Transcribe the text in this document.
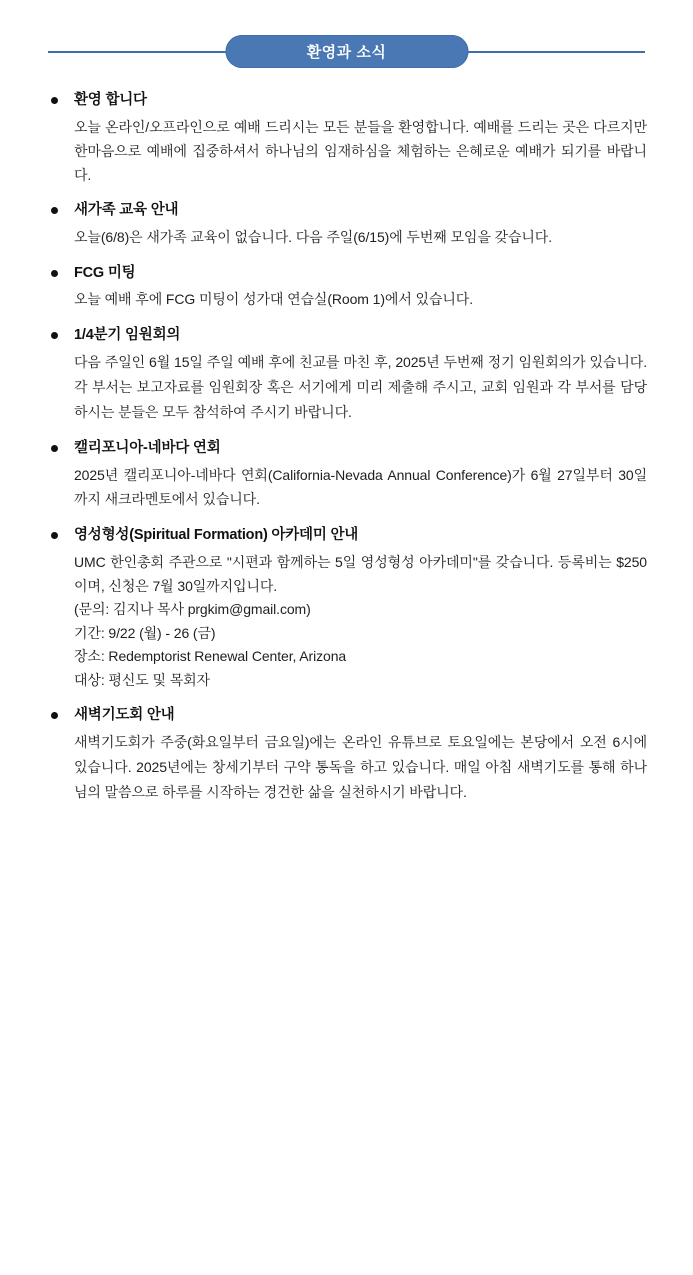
환영과 소식

환영 합니다

오늘 온라인/오프라인으로 예배 드리시는 모든 분들을 환영합니다. 예배를 드리는 곳은 다르지만 한마음으로 예배에 집중하셔서 하나님의 임재하심을 체험하는 은혜로운 예배가 되기를 바랍니다.

새가족 교육 안내

오늘(6/8)은 새가족 교육이 없습니다. 다음 주일(6/15)에 두번째 모임을 갖습니다.

FCG 미팅

오늘 예배 후에 FCG 미팅이 성가대 연습실(Room 1)에서 있습니다.

1/4분기 임원회의

다음 주일인 6월 15일 주일 예배 후에 친교를 마친 후, 2025년 두번째 정기 임원회의가 있습니다. 각 부서는 보고자료를 임원회장 혹은 서기에게 미리 제출해 주시고, 교회 임원과 각 부서를 담당하시는 분들은 모두 참석하여 주시기 바랍니다.

캘리포니아-네바다 연회

2025년 캘리포니아-네바다 연회(California-Nevada Annual Conference)가 6월 27일부터 30일까지 새크라멘토에서 있습니다.

영성형성(Spiritual Formation) 아카데미 안내

UMC 한인총회 주관으로 "시편과 함께하는 5일 영성형성 아카데미"를 갖습니다. 등록비는 $250이며, 신청은 7월 30일까지입니다.

(문의: 김지나 목사 prgkim@gmail.com)
기간: 9/22 (월) - 26 (금)
장소: Redemptorist Renewal Center, Arizona
대상: 평신도 및 목회자

새벽기도회 안내

새벽기도회가 주중(화요일부터 금요일)에는 온라인 유튜브로 토요일에는 본당에서 오전 6시에 있습니다. 2025년에는 창세기부터 구약 통독을 하고 있습니다. 매일 아침 새벽기도를 통해 하나님의 말씀으로 하루를 시작하는 경건한 삶을 실천하시기 바랍니다.
